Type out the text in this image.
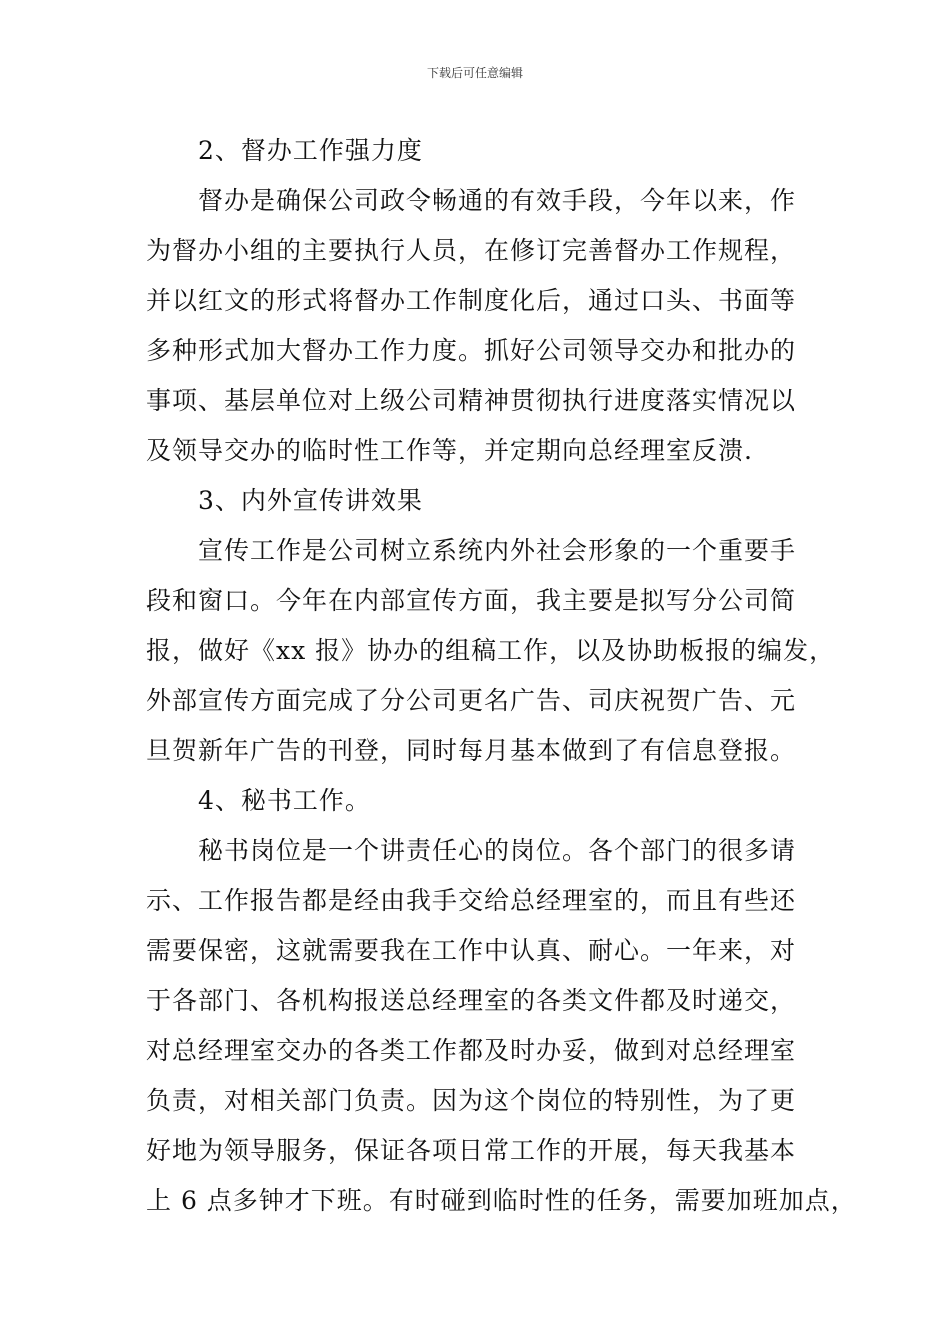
下载后可任意编辑
2、督办工作强力度
督办是确保公司政令畅通的有效手段，今年以来，作
为督办小组的主要执行人员，在修订完善督办工作规程，
并以红文的形式将督办工作制度化后，通过口头、书面等
多种形式加大督办工作力度。抓好公司领导交办和批办的
事项、基层单位对上级公司精神贯彻执行进度落实情况以
及领导交办的临时性工作等，并定期向总经理室反溃.
3、内外宣传讲效果
宣传工作是公司树立系统内外社会形象的一个重要手
段和窗口。今年在内部宣传方面，我主要是拟写分公司简
报，做好《xx 报》协办的组稿工作，以及协助板报的编发，
外部宣传方面完成了分公司更名广告、司庆祝贺广告、元
旦贺新年广告的刊登，同时每月基本做到了有信息登报。
4、秘书工作。
秘书岗位是一个讲责任心的岗位。各个部门的很多请
示、工作报告都是经由我手交给总经理室的，而且有些还
需要保密，这就需要我在工作中认真、耐心。一年来，对
于各部门、各机构报送总经理室的各类文件都及时递交，
对总经理室交办的各类工作都及时办妥，做到对总经理室
负责，对相关部门负责。因为这个岗位的特别性，为了更
好地为领导服务，保证各项日常工作的开展，每天我基本
上 6 点多钟才下班。有时碰到临时性的任务，需要加班加点，
